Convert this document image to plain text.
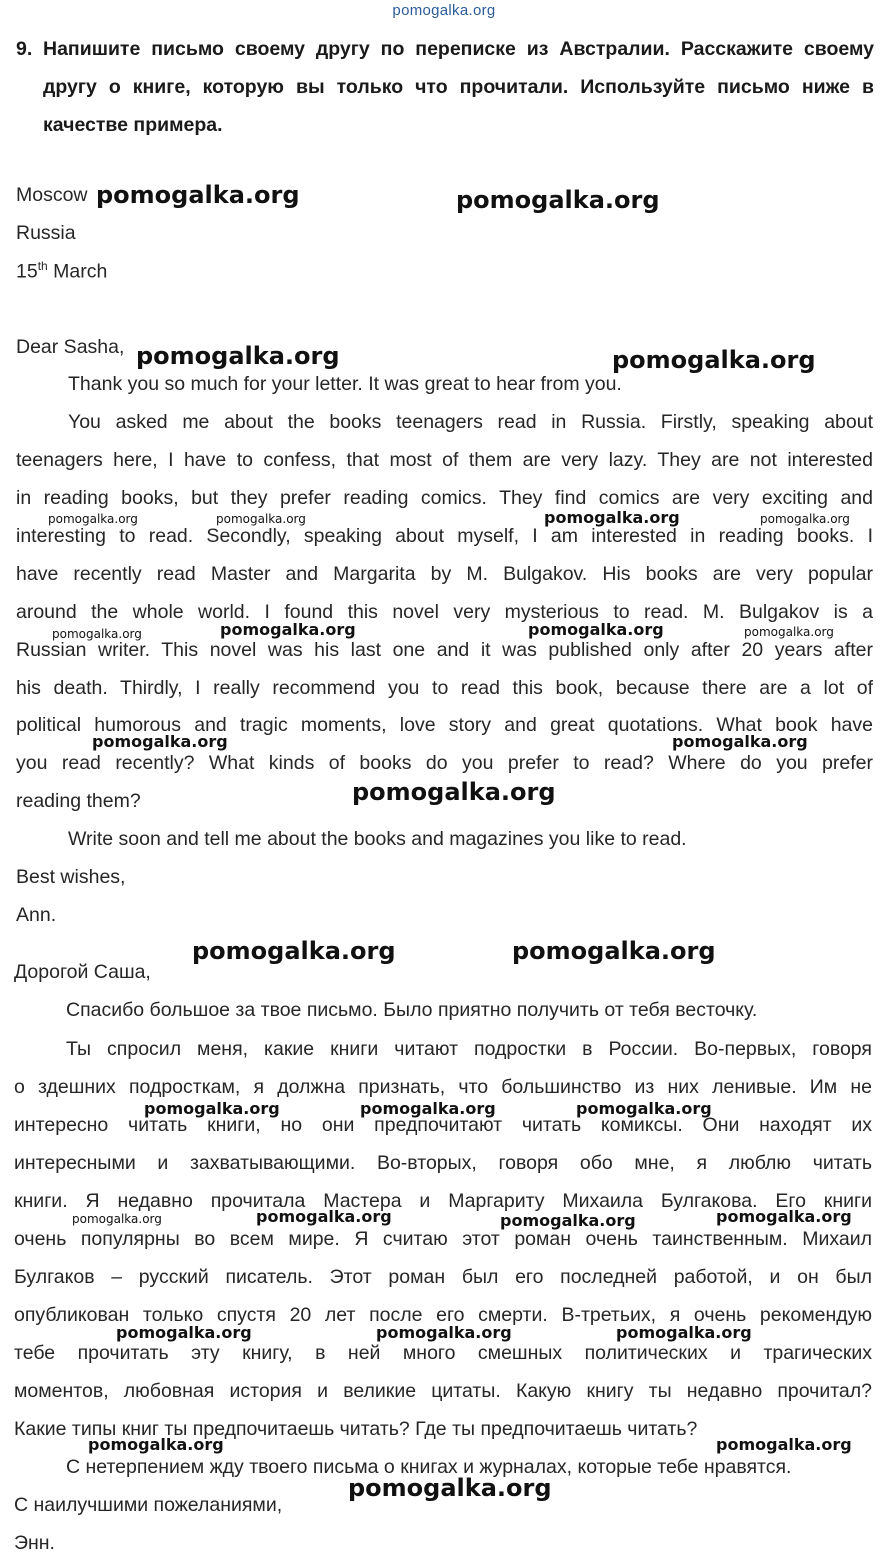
pomogalka.org
9. Напишите письмо своему другу по переписке из Австралии. Расскажите своему другу о книге, которую вы только что прочитали. Используйте письмо ниже в качестве примера.
Moscow
Russia
15th March
Dear Sasha,
Thank you so much for your letter. It was great to hear from you.
You asked me about the books teenagers read in Russia. Firstly, speaking about
teenagers here, I have to confess, that most of them are very lazy. They are not interested
in reading books, but they prefer reading comics. They find comics are very exciting and
interesting to read. Secondly, speaking about myself, I am interested in reading books. I
have recently read Master and Margarita by M. Bulgakov. His books are very popular
around the whole world. I found this novel very mysterious to read. M. Bulgakov is a
Russian writer. This novel was his last one and it was published only after 20 years after
his death. Thirdly, I really recommend you to read this book, because there are a lot of
political humorous and tragic moments, love story and great quotations. What book have
you read recently? What kinds of books do you prefer to read? Where do you prefer
reading them?
Write soon and tell me about the books and magazines you like to read.
Best wishes,
Ann.
Дорогой Саша,
Спасибо большое за твое письмо. Было приятно получить от тебя весточку.
Ты спросил меня, какие книги читают подростки в России. Во-первых, говоря
о здешних подросткам, я должна признать, что большинство из них ленивые. Им не
интересно читать книги, но они предпочитают читать комиксы. Они находят их
интересными и захватывающими. Во-вторых, говоря обо мне, я люблю читать
книги. Я недавно прочитала Мастера и Маргариту Михаила Булгакова. Его книги
очень популярны во всем мире. Я считаю этот роман очень таинственным. Михаил
Булгаков – русский писатель. Этот роман был его последней работой, и он был
опубликован только спустя 20 лет после его смерти. В-третьих, я очень рекомендую
тебе прочитать эту книгу, в ней много смешных политических и трагических
моментов, любовная история и великие цитаты. Какую книгу ты недавно прочитал?
Какие типы книг ты предпочитаешь читать? Где ты предпочитаешь читать?
С нетерпением жду твоего письма о книгах и журналах, которые тебе нравятся.
С наилучшими пожеланиями,
Энн.
pomogalka.org	pomogalka.org
pomogalka.org	pomogalka.org
pomogalka.org	pomogalka.org	pomogalka.org	pomogalka.org
pomogalka.org	pomogalka.org	pomogalka.org	pomogalka.org
pomogalka.org	pomogalka.org
pomogalka.org
pomogalka.org	pomogalka.org
pomogalka.org	pomogalka.org	pomogalka.org
pomogalka.org	pomogalka.org	pomogalka.org	pomogalka.org
pomogalka.org	pomogalka.org	pomogalka.org
pomogalka.org	pomogalka.org
pomogalka.org
